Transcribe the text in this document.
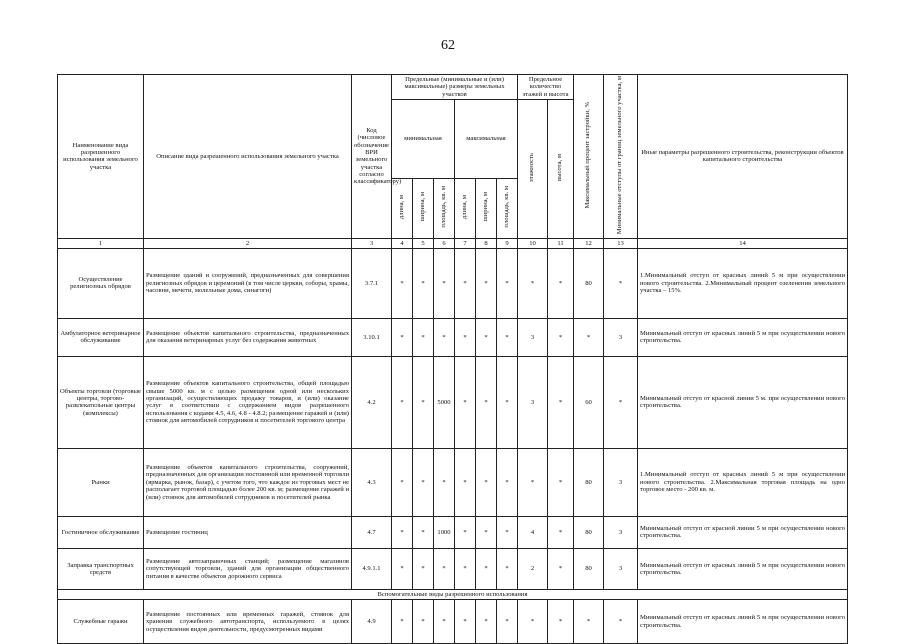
62
Наименование вида разрешенного использования земельного участка	Описание вида разрешенного использования земельного участка	Код (числовое обозначение ВРИ земельного участка согласно классификатору)	Предельные (минимальные и (или) максимальные) размеры земельных участков						Предельное количество этажей и высота		Максимальный процент застройки, %	Минимальные отступы от границ земельного участка, м	Иные параметры разрешенного строительства, реконструкции объектов капитального строительства
			минимальная			максимальная			этажность	высота, м			
			длина, м	ширина, м	площадь, кв. м	длина, м	ширина, м	площадь, кв. м					
1	2	3	4	5	6	7	8	9	10	11	12	13	14
Осуществление религиозных обрядов	Размещение зданий и сооружений, предназначенных для совершения религиозных обрядов и церемоний (в том числе церкви, соборы, храмы, часовни, мечети, молельные дома, синагоги)	3.7.1	*	*	*	*	*	*	*	*	80	*	1.Минимальный отступ от красных линий 5 м при осуществлении нового строительства. 2.Минимальный процент озеленения земельного участка – 15%.
Амбулаторное ветеринарное обслуживание	Размещение объектов капитального строительства, предназначенных для оказания ветеринарных услуг без содержания животных	3.10.1	*	*	*	*	*	*	3	*	*	3	Минимальный отступ от красных линий 5 м при осуществлении нового строительства.
Объекты торговли (торговые центры, торгово-развлекательные центры (комплексы)	Размещение объектов капитального строительства, общей площадью свыше 5000 кв. м с целью размещения одной или нескольких организаций, осуществляющих продажу товаров, и (или) оказание услуг в соответствии с содержанием видов разрешенного использования с кодами 4.5, 4.6, 4.8 - 4.8.2; размещение гаражей и (или) стоянок для автомобилей сотрудников и посетителей торгового центра	4.2	*	*	5000	*	*	*	3	*	60	*	Минимальный отступ от красной линии 5 м. при осуществлении нового строительства.
Рынки	Размещение объектов капитального строительства, сооружений, предназначенных для организации постоянной или временной торговли (ярмарка, рынок, базар), с учетом того, что каждое из торговых мест не располагает торговой площадью более 200 кв. м; размещение гаражей и (или) стоянок для автомобилей сотрудников и посетителей рынка	4.3	*	*	*	*	*	*	*	*	80	3	1.Минимальный отступ от красных линий 5 м при осуществлении нового строительства. 2.Максимальная торговая площадь на одно торговое место - 200 кв. м.
Гостиничное обслуживание	Размещение гостиниц	4.7	*	*	1000	*	*	*	4	*	80	3	Минимальный отступ от красной линии 5 м при осуществлении нового строительства.
Заправка транспортных средств	Размещение автозаправочных станций; размещение магазинов сопутствующей торговли, зданий для организации общественного питания в качестве объектов дорожного сервиса	4.9.1.1	*	*	*	*	*	*	2	*	80	3	Минимальный отступ от красных линий 5 м при осуществлении нового строительства.
Вспомогательные виды разрешенного использования													
Служебные гаражи	Размещение постоянных или временных гаражей, стоянок для хранения служебного автотранспорта, используемого в целях осуществления видов деятельности, предусмотренных видами	4.9	*	*	*	*	*	*	*	*	*	*	Минимальный отступ от красных линий 5 м при осуществлении нового строительства.
